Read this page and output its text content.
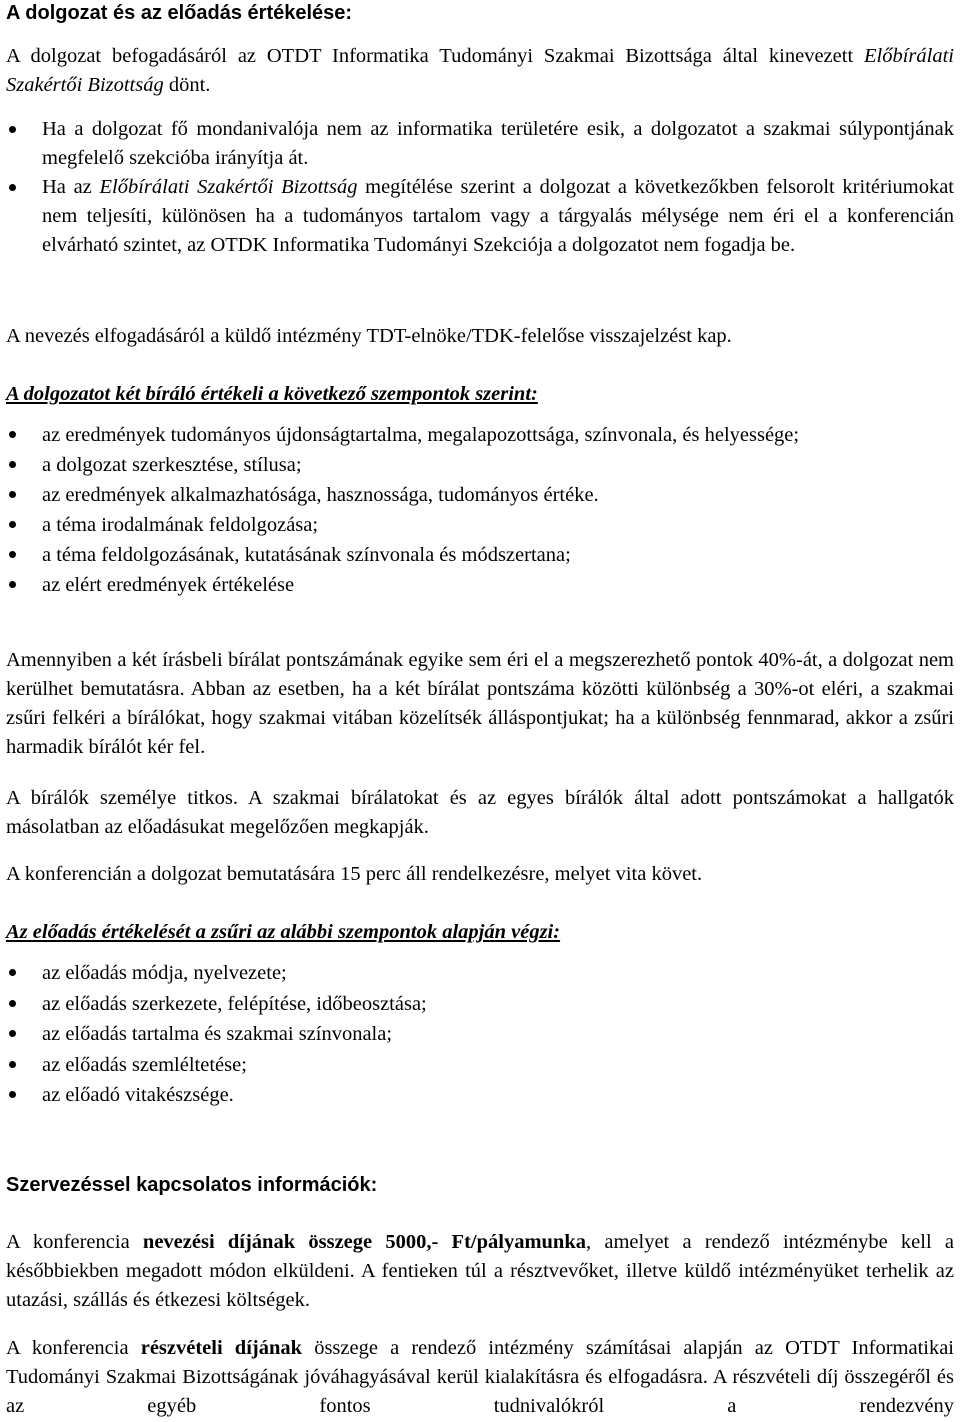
A dolgozat és az előadás értékelése:

A dolgozat befogadásáról az OTDT Informatika Tudományi Szakmai Bizottsága által kinevezett Előbírálati Szakértői Bizottság dönt.

Ha a dolgozat fő mondanivalója nem az informatika területére esik, a dolgozatot a szakmai súlypontjának megfelelő szekcióba irányítja át.
Ha az Előbírálati Szakértői Bizottság megítélése szerint a dolgozat a következőkben felsorolt kritériumokat nem teljesíti, különösen ha a tudományos tartalom vagy a tárgyalás mélysége nem éri el a konferencián elvárható szintet, az OTDK Informatika Tudományi Szekciója a dolgozatot nem fogadja be.

A nevezés elfogadásáról a küldő intézmény TDT-elnöke/TDK-felelőse visszajelzést kap.

A dolgozatot két bíráló értékeli a következő szempontok szerint:

az eredmények tudományos újdonságtartalma, megalapozottsága, színvonala, és helyessége;
a dolgozat szerkesztése, stílusa;
az eredmények alkalmazhatósága, hasznossága, tudományos értéke.
a téma irodalmának feldolgozása;
a téma feldolgozásának, kutatásának színvonala és módszertana;
az elért eredmények értékelése

Amennyiben a két írásbeli bírálat pontszámának egyike sem éri el a megszerezhető pontok 40%-át, a dolgozat nem kerülhet bemutatásra. Abban az esetben, ha a két bírálat pontszáma közötti különbség a 30%-ot eléri, a szakmai zsűri felkéri a bírálókat, hogy szakmai vitában közelítsék álláspontjukat; ha a különbség fennmarad, akkor a zsűri harmadik bírálót kér fel.

A bírálók személye titkos. A szakmai bírálatokat és az egyes bírálók által adott pontszámokat a hallgatók másolatban az előadásukat megelőzően megkapják.

A konferencián a dolgozat bemutatására 15 perc áll rendelkezésre, melyet vita követ.

Az előadás értékelését a zsűri az alábbi szempontok alapján végzi:

az előadás módja, nyelvezete;
az előadás szerkezete, felépítése, időbeosztása;
az előadás tartalma és szakmai színvonala;
az előadás szemléltetése;
az előadó vitakészsége.
Szervezéssel kapcsolatos információk:

A konferencia nevezési díjának összege 5000,- Ft/pályamunka, amelyet a rendező intézménybe kell a későbbiekben megadott módon elküldeni. A fentieken túl a résztvevőket, illetve küldő intézményüket terhelik az utazási, szállás és étkezesi költségek.

A konferencia részvételi díjának összege a rendező intézmény számításai alapján az OTDT Informatikai Tudományi Szakmai Bizottságának jóváhagyásával kerül kialakításra és elfogadásra. A részvételi díj összegéről és az egyéb fontos tudnivalókról a rendezvény
